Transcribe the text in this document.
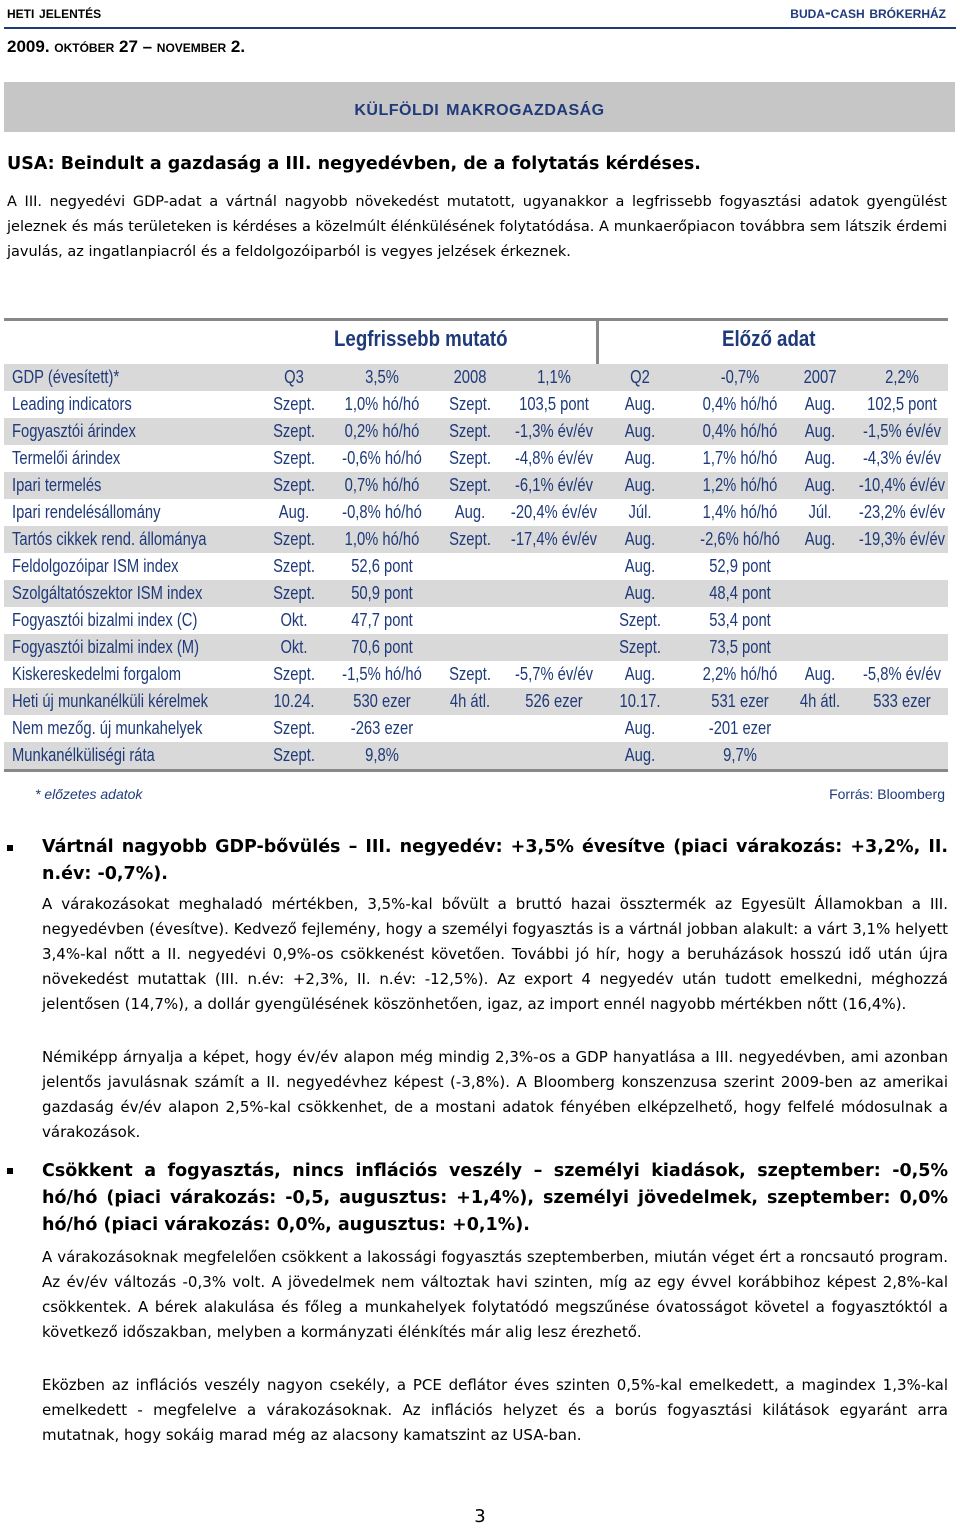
heti jelentés	buda-cash brókerház
2009. október 27 – november 2.
külföldi makrogazdaság
USA: Beindult a gazdaság a III. negyedévben, de a folytatás kérdéses.
A III. negyedévi GDP-adat a vártnál nagyobb növekedést mutatott, ugyanakkor a legfrissebb fogyasztási adatok gyengülést jeleznek és más területeken is kérdéses a közelmúlt élénkülésének folytatódása. A munkaerőpiacon továbbra sem látszik érdemi javulás, az ingatlanpiacról és a feldolgozóiparból is vegyes jelzések érkeznek.
Legfrissebb mutató	Előző adat
GDP (évesített)*	Q3	3,5%	2008	1,1%	Q2	-0,7%	2007	2,2%
Leading indicators	Szept.	1,0% hó/hó	Szept.	103,5 pont	Aug.	0,4% hó/hó	Aug.	102,5 pont
Fogyasztói árindex	Szept.	0,2% hó/hó	Szept.	-1,3% év/év	Aug.	0,4% hó/hó	Aug.	-1,5% év/év
Termelői árindex	Szept.	-0,6% hó/hó	Szept.	-4,8% év/év	Aug.	1,7% hó/hó	Aug.	-4,3% év/év
Ipari termelés	Szept.	0,7% hó/hó	Szept.	-6,1% év/év	Aug.	1,2% hó/hó	Aug.	-10,4% év/év
Ipari rendelésállomány	Aug.	-0,8% hó/hó	Aug.	-20,4% év/év	Júl.	1,4% hó/hó	Júl.	-23,2% év/év
Tartós cikkek rend. állománya	Szept.	1,0% hó/hó	Szept.	-17,4% év/év	Aug.	-2,6% hó/hó	Aug.	-19,3% év/év
Feldolgozóipar ISM index	Szept.	52,6 pont	Aug.	52,9 pont
Szolgáltatószektor ISM index	Szept.	50,9 pont	Aug.	48,4 pont
Fogyasztói bizalmi index (C)	Okt.	47,7 pont	Szept.	53,4 pont
Fogyasztói bizalmi index (M)	Okt.	70,6 pont	Szept.	73,5 pont
Kiskereskedelmi forgalom	Szept.	-1,5% hó/hó	Szept.	-5,7% év/év	Aug.	2,2% hó/hó	Aug.	-5,8% év/év
Heti új munkanélküli kérelmek	10.24.	530 ezer	4h átl.	526 ezer	10.17.	531 ezer	4h átl.	533 ezer
Nem mezőg. új munkahelyek	Szept.	-263 ezer	Aug.	-201 ezer
Munkanélküliségi ráta	Szept.	9,8%	Aug.	9,7%
* előzetes adatok	Forrás: Bloomberg
Vártnál nagyobb GDP-bővülés – III. negyedév: +3,5% évesítve (piaci várakozás: +3,2%, II. n.év: -0,7%).
A várakozásokat meghaladó mértékben, 3,5%-kal bővült a bruttó hazai össztermék az Egyesült Államokban a III. negyedévben (évesítve). Kedvező fejlemény, hogy a személyi fogyasztás is a vártnál jobban alakult: a várt 3,1% helyett 3,4%-kal nőtt a II. negyedévi 0,9%-os csökkenést követően. További jó hír, hogy a beruházások hosszú idő után újra növekedést mutattak (III. n.év: +2,3%, II. n.év: -12,5%). Az export 4 negyedév után tudott emelkedni, méghozzá jelentősen (14,7%), a dollár gyengülésének köszönhetően, igaz, az import ennél nagyobb mértékben nőtt (16,4%).
Némiképp árnyalja a képet, hogy év/év alapon még mindig 2,3%-os a GDP hanyatlása a III. negyedévben, ami azonban jelentős javulásnak számít a II. negyedévhez képest (-3,8%). A Bloomberg konszenzusa szerint 2009-ben az amerikai gazdaság év/év alapon 2,5%-kal csökkenhet, de a mostani adatok fényében elképzelhető, hogy felfelé módosulnak a várakozások.
Csökkent a fogyasztás, nincs inflációs veszély – személyi kiadások, szeptember: -0,5% hó/hó (piaci várakozás: -0,5, augusztus: +1,4%), személyi jövedelmek, szeptember: 0,0% hó/hó (piaci várakozás: 0,0%, augusztus: +0,1%).
A várakozásoknak megfelelően csökkent a lakossági fogyasztás szeptemberben, miután véget ért a roncsautó program. Az év/év változás -0,3% volt. A jövedelmek nem változtak havi szinten, míg az egy évvel korábbihoz képest 2,8%-kal csökkentek. A bérek alakulása és főleg a munkahelyek folytatódó megszűnése óvatosságot követel a fogyasztóktól a következő időszakban, melyben a kormányzati élénkítés már alig lesz érezhető.
Eközben az inflációs veszély nagyon csekély, a PCE deflátor éves szinten 0,5%-kal emelkedett, a magindex 1,3%-kal emelkedett - megfelelve a várakozásoknak. Az inflációs helyzet és a borús fogyasztási kilátások egyaránt arra mutatnak, hogy sokáig marad még az alacsony kamatszint az USA-ban.
3
